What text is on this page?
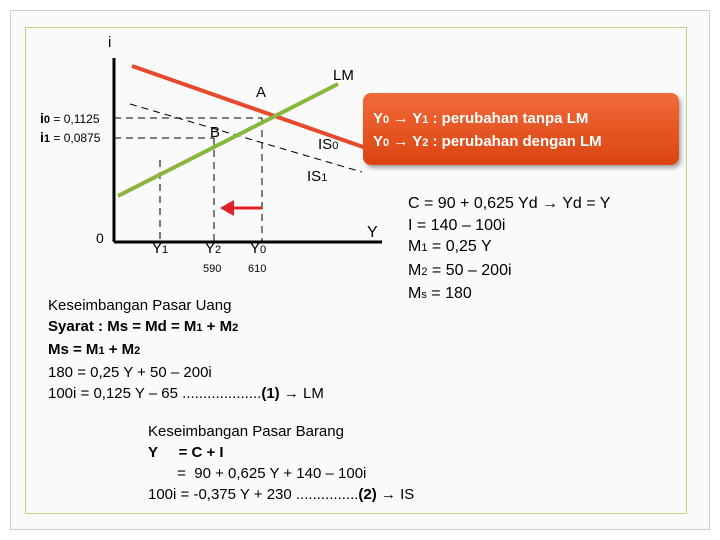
i
Y
0
i0 = 0,1125
i1 = 0,0875
LM
A
B
IS0
IS1
Y1 Y2 Y0
590 610
Y0 → Y1 : perubahan tanpa LM
Y0 → Y2 : perubahan dengan LM
C = 90 + 0,625 Yd → Yd = Y
I = 140 – 100i
M1 = 0,25 Y
M2 = 50 – 200i
Ms = 180
Keseimbangan Pasar Uang
Syarat : Ms = Md = M1 + M2
Ms = M1 + M2
180 = 0,25 Y + 50 – 200i
100i = 0,125 Y – 65 ...................(1) → LM
Keseimbangan Pasar Barang
Y     = C + I
=  90 + 0,625 Y + 140 – 100i
100i = -0,375 Y + 230 ...............(2) → IS
